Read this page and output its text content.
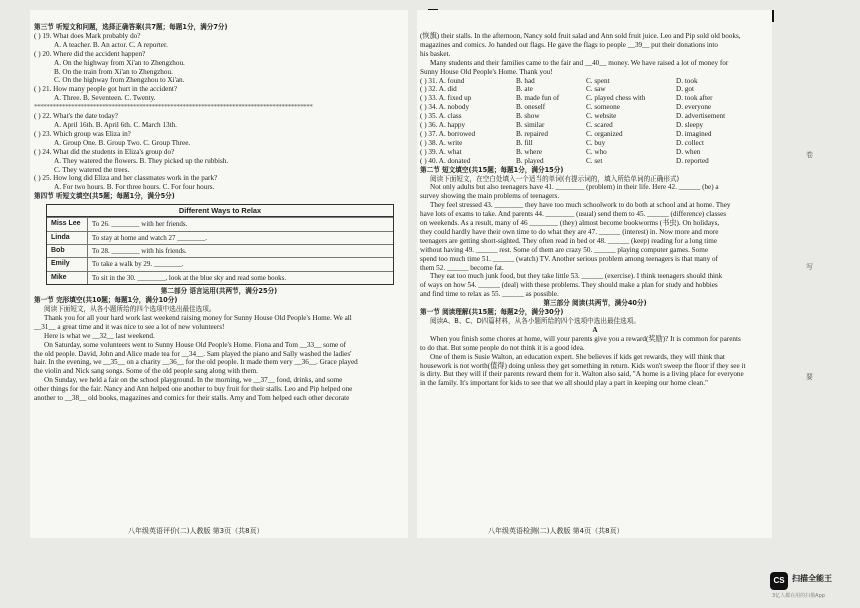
第三节 听短文和问题，选择正确答案(共7题；每题1分，满分7分)
( ) 19. What does Mark probably do?
A. A teacher. B. An actor. C. A reporter.
( ) 20. Where did the accident happen?
A. On the highway from Xi'an to Zhengzhou.
B. On the train from Xi'an to Zhengzhou.
C. On the highway from Zhengzhou to Xi'an.
( ) 21. How many people got hurt in the accident?
A. Three. B. Seventeen. C. Twenty.
******************************************************************************************
( ) 22. What's the date today?
A. April 16th. B. April 6th. C. March 13th.
( ) 23. Which group was Eliza in?
A. Group One. B. Group Two. C. Group Three.
( ) 24. What did the students in Eliza's group do?
A. They watered the flowers. B. They picked up the rubbish.
C. They watered the trees.
( ) 25. How long did Eliza and her classmates work in the park?
A. For two hours. B. For three hours. C. For four hours.
第四节 听短文填空(共5题；每题1分，满分5分)
Different Ways to Relax
Miss Lee	To 26. ________ with her friends.
Linda	To stay at home and watch 27 ________.
Bob	To 28. ________ with his friends.
Emily	To take a walk by 29. ________.
Mike	To sit in the 30. ________, look at the blue sky and read some books.
第二部分 语言运用(共两节，满分25分)
第一节 完形填空(共10题；每题1分，满分10分)
阅读下面短文，从各小题所给的四个选项中选出最佳选项。
Thank you for all your hard work last weekend raising money for Sunny House Old People's Home. We all
__31__ a great time and it was nice to see a lot of new volunteers!
Here is what we __32__ last weekend.
On Saturday, some volunteers went to Sunny House Old People's Home. Fiona and Tom __33__ some of
the old people. David, John and Alice made tea for __34__. Sam played the piano and Sally washed the ladies'
hair. In the evening, we __35__ on a charity __36__ for the old people. It made them very __36__. Grace played
the violin and Nick sang songs. Some of the old people sang along with them.
On Sunday, we held a fair on the school playground. In the morning, we __37__ food, drinks, and some
other things for the fair. Nancy and Ann helped one another to buy fruit for their stalls. Leo and Pip helped one
another to __38__ old books, magazines and comics for their stalls. Amy and Tom helped each other decorate
八年级英语评价(二)人教版 第3页（共8页）
(恢旗) their stalls. In the afternoon, Nancy sold fruit salad and Ann sold fruit juice. Leo and Pip sold old books,
magazines and comics. Jo handed out flags. He gave the flags to people __39__ put their donations into
his basket.
Many students and their families came to the fair and __40__ money. We have raised a lot of money for
Sunny House Old People's Home. Thank you!
( ) 31. A. found	B. had	C. spent	D. took
( ) 32. A. did	B. ate	C. saw	D. got
( ) 33. A. fixed up	B. made fun of	C. played chess with	D. took after
( ) 34. A. nobody	B. oneself	C. someone	D. everyone
( ) 35. A. class	B. show	C. website	D. advertisement
( ) 36. A. happy	B. similar	C. scared	D. sleepy
( ) 37. A. borrowed	B. repaired	C. organized	D. imagined
( ) 38. A. write	B. fill	C. buy	D. collect
( ) 39. A. what	B. where	C. who	D. when
( ) 40. A. donated	B. played	C. set	D. reported
第二节 短文填空(共15题；每题1分，满分15分)
阅读下面短文，在空白处填入一个适当的单词(有提示词的，填入所给单词的正确形式)
Not only adults but also teenagers have 41. ________ (problem) in their life. Here 42. ______ (be) a
survey showing the main problems of teenagers.
They feel stressed 43. ________ they have too much schoolwork to do both at school and at home. They
have lots of exams to take. And parents 44. ________ (usual) send them to 45. ______ (difference) classes
on weekends. As a result, many of 46 ________ (they) almost become bookworms (书虫). On holidays,
they could hardly have their own time to do what they are 47. ______ (interest) in. Now more and more
teenagers are getting short-sighted. They often read in bed or 48. ______ (keep) reading for a long time
without having 49. ______ rest. Some of them are crazy 50. ______ playing computer games. Some
spend too much time 51. ______ (watch) TV. Another serious problem among teenagers is that many of
them 52. ______ become fat.
They eat too much junk food, but they take little 53. ______ (exercise). I think teenagers should think
of ways on how 54. ______ (deal) with these problems. They should make a plan for study and hobbies
and find time to relax as 55. ______ as possible.
第三部分 阅读(共两节，满分40分)
第一节 阅读理解(共15题；每题2分，满分30分)
阅读A、B、C、D四篇材料，从各小题所给的四个选项中选出最佳选项。
A
When you finish some chores at home, will your parents give you a reward(奖励)? It is common for parents
to do that. But some people do not think it is a good idea.
One of them is Susie Walton, an education expert. She believes if kids get rewards, they will think that
housework is not worth(值得) doing unless they get something in return. Kids won't sweep the floor if they see it
is dirty. But they will if their parents reward them for it. Walton also said, "A home is a living place for everyone
in the family. It's important for kids to see that we all should play a part in keeping our home clean."
八年级英语检测(二)人教版 第4页（共8页）
卷
写
要
CS 扫描全能王
3亿人都在用的扫描App
